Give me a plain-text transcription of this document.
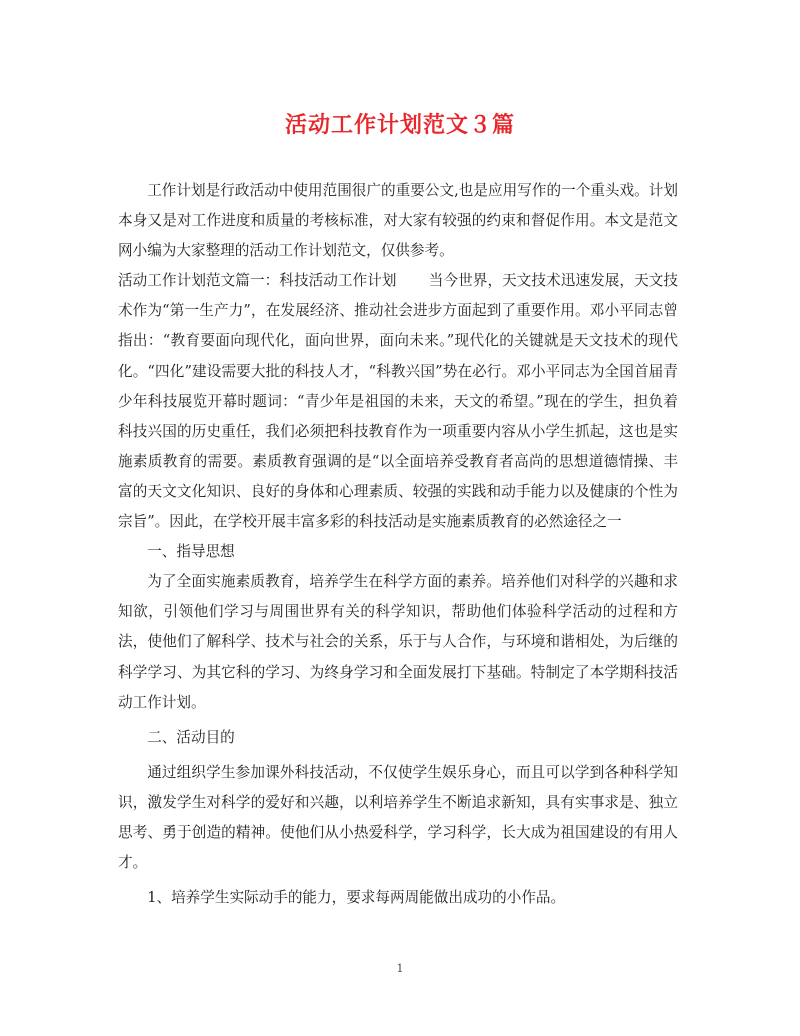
活动工作计划范文３篇

工作计划是行政活动中使用范围很广的重要公文,也是应用写作的一个重头戏。计划本身又是对工作进度和质量的考核标准，对大家有较强的约束和督促作用。本文是范文网小编为大家整理的活动工作计划范文，仅供参考。

活动工作计划范文篇一：科技活动工作计划 当今世界，天文技术迅速发展，天文技术作为“第一生产力”，在发展经济、推动社会进步方面起到了重要作用。邓小平同志曾指出：“教育要面向现代化，面向世界，面向未来。”现代化的关键就是天文技术的现代化。“四化”建设需要大批的科技人才，“科教兴国”势在必行。邓小平同志为全国首届青少年科技展览开幕时题词：“青少年是祖国的未来，天文的希望。”现在的学生，担负着科技兴国的历史重任，我们必须把科技教育作为一项重要内容从小学生抓起，这也是实施素质教育的需要。素质教育强调的是“以全面培养受教育者高尚的思想道德情操、丰富的天文文化知识、良好的身体和心理素质、较强的实践和动手能力以及健康的个性为宗旨”。因此，在学校开展丰富多彩的科技活动是实施素质教育的必然途径之一

一、指导思想

为了全面实施素质教育，培养学生在科学方面的素养。培养他们对科学的兴趣和求知欲，引领他们学习与周围世界有关的科学知识，帮助他们体验科学活动的过程和方法，使他们了解科学、技术与社会的关系，乐于与人合作，与环境和谐相处，为后继的科学学习、为其它科的学习、为终身学习和全面发展打下基础。特制定了本学期科技活动工作计划。

二、活动目的

通过组织学生参加课外科技活动，不仅使学生娱乐身心，而且可以学到各种科学知识，激发学生对科学的爱好和兴趣，以利培养学生不断追求新知，具有实事求是、独立思考、勇于创造的精神。使他们从小热爱科学，学习科学，长大成为祖国建设的有用人才。

1、培养学生实际动手的能力，要求每两周能做出成功的小作品。

1
